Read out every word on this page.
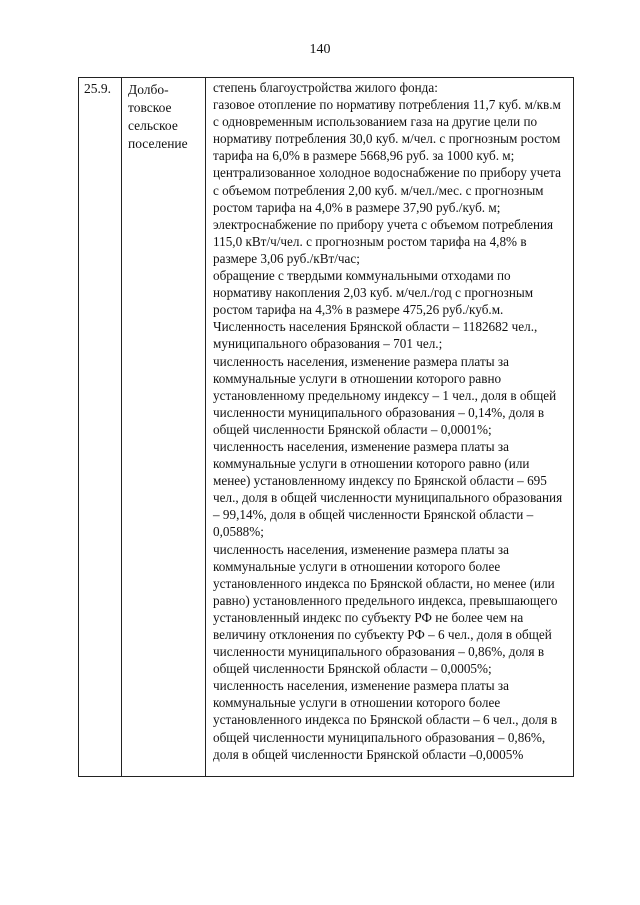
140
25.9. Долбо-
товское
сельское
поселение
степень благоустройства жилого фонда:
газовое отопление по нормативу потребления 11,7 куб. м/кв.м
с одновременным использованием газа на другие цели по
нормативу потребления 30,0 куб. м/чел. с прогнозным ростом
тарифа на 6,0% в размере 5668,96 руб. за 1000 куб. м;
централизованное холодное водоснабжение по прибору учета
с объемом потребления 2,00 куб. м/чел./мес. с прогнозным
ростом тарифа на 4,0% в размере 37,90 руб./куб. м;
электроснабжение по прибору учета с объемом потребления
115,0 кВт/ч/чел. с прогнозным ростом тарифа на 4,8% в
размере 3,06 руб./кВт/час;
обращение с твердыми коммунальными отходами по
нормативу накопления 2,03 куб. м/чел./год с прогнозным
ростом тарифа на 4,3% в размере 475,26 руб./куб.м.
Численность населения Брянской области – 1182682 чел.,
муниципального образования – 701 чел.;
численность населения, изменение размера платы за
коммунальные услуги в отношении которого равно
установленному предельному индексу – 1 чел., доля в общей
численности муниципального образования – 0,14%, доля в
общей численности Брянской области – 0,0001%;
численность населения, изменение размера платы за
коммунальные услуги в отношении которого равно (или
менее) установленному индексу по Брянской области – 695
чел., доля в общей численности муниципального образования
– 99,14%, доля в общей численности Брянской области –
0,0588%;
численность населения, изменение размера платы за
коммунальные услуги в отношении которого более
установленного индекса по Брянской области, но менее (или
равно) установленного предельного индекса, превышающего
установленный индекс по субъекту РФ не более чем на
величину отклонения по субъекту РФ – 6 чел., доля в общей
численности муниципального образования – 0,86%, доля в
общей численности Брянской области – 0,0005%;
численность населения, изменение размера платы за
коммунальные услуги в отношении которого более
установленного индекса по Брянской области – 6 чел., доля в
общей численности муниципального образования – 0,86%,
доля в общей численности Брянской области –0,0005%
